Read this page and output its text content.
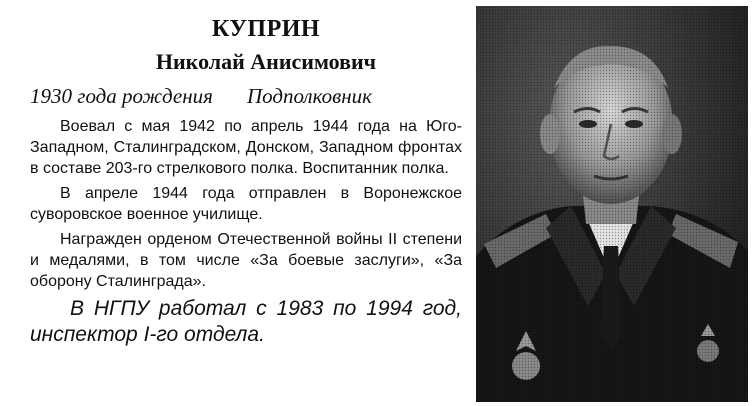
КУПРИН
Николай Анисимович
1930 года рождения Подполковник

Воевал с мая 1942 по апрель 1944 года на Юго-Западном, Сталинградском, Донском, Западном фронтах в составе 203-го стрелкового полка. Воспитанник полка.

В апреле 1944 года отправлен в Воронежское суворовское военное училище.

Награжден орденом Отечественной войны II степени и медалями, в том числе «За боевые заслуги», «За оборону Сталинграда».

В НГПУ работал с 1983 по 1994 год, инспектор I-го отдела.
